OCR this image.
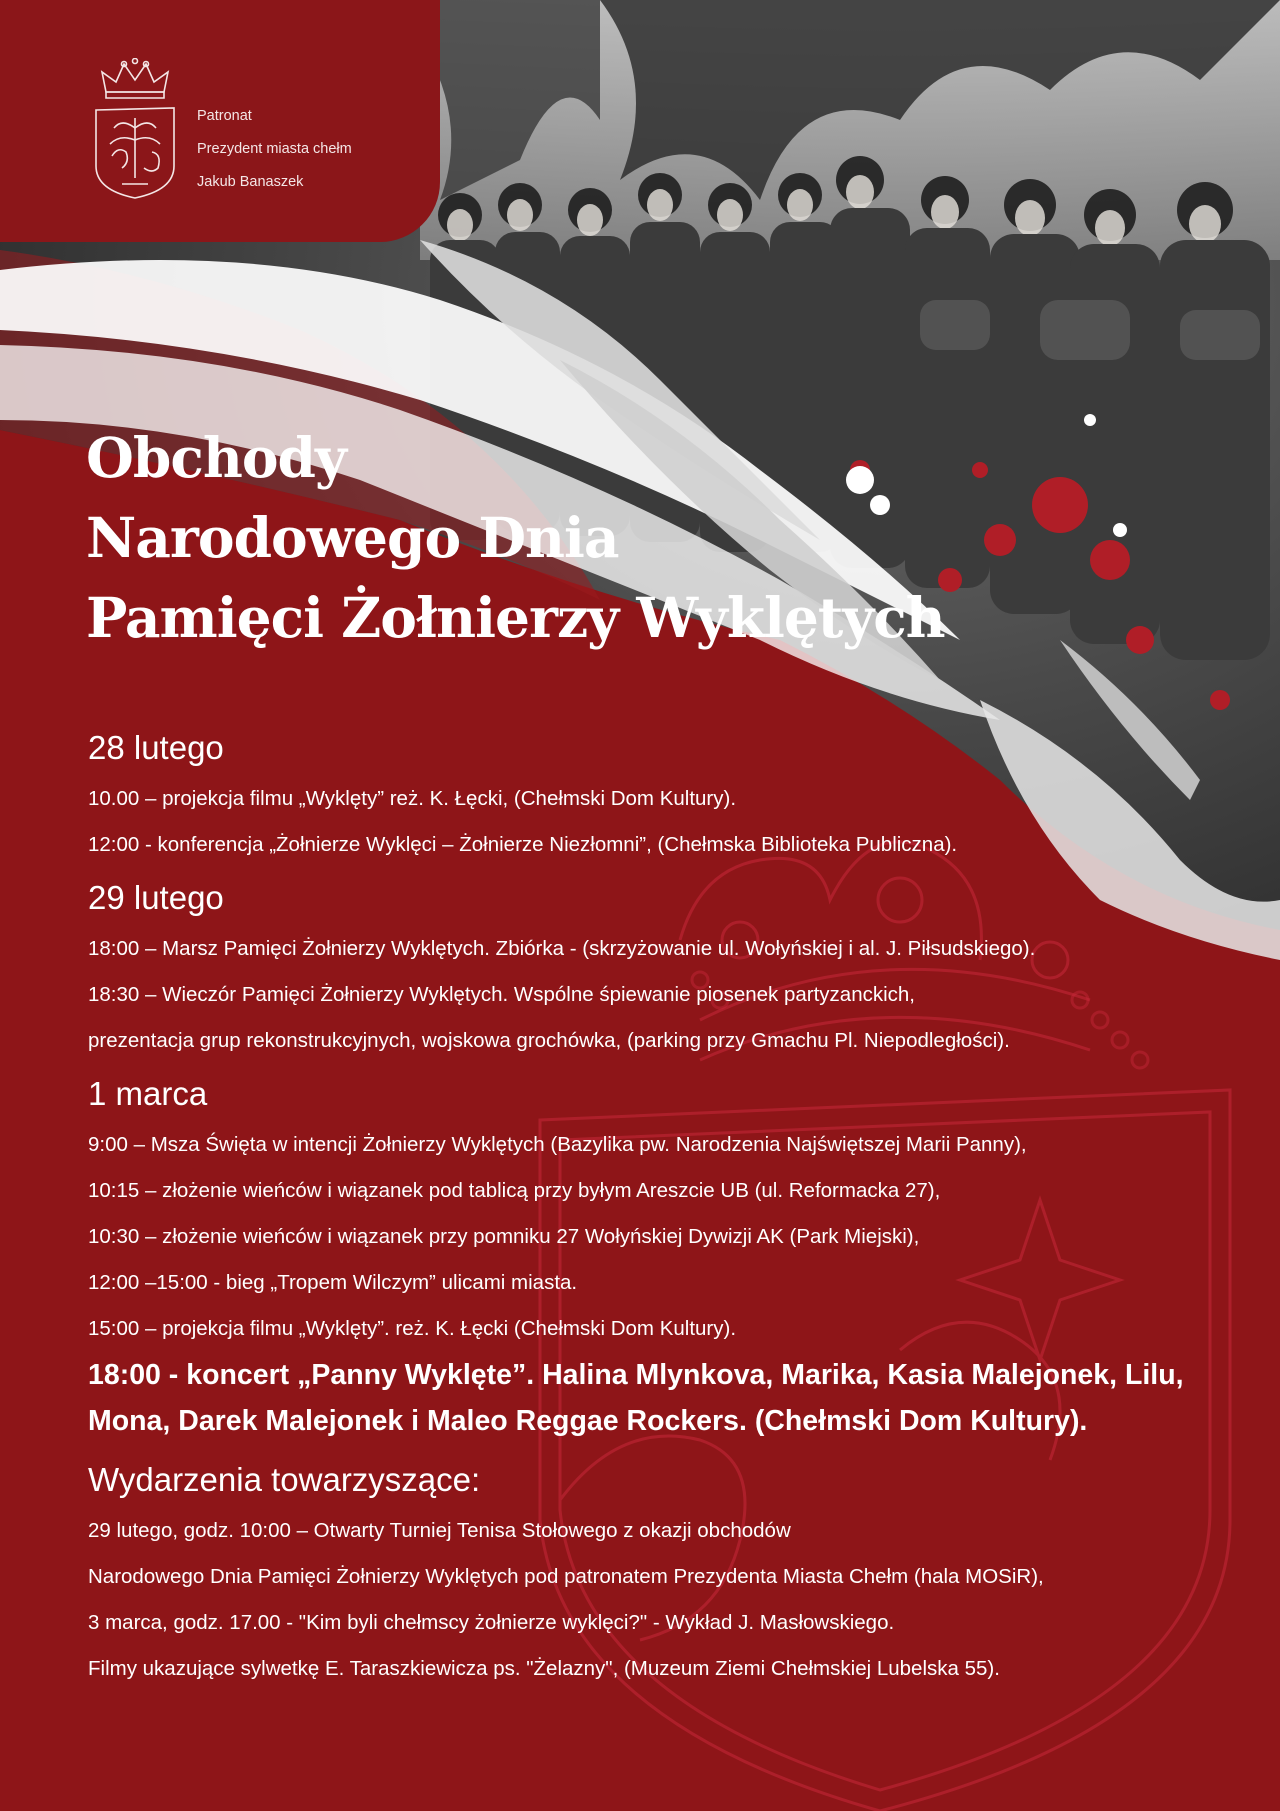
Patronat
Prezydent miasta chełm
Jakub Banaszek
Obchody
Narodowego Dnia
Pamięci Żołnierzy Wyklętych
28 lutego
10.00 – projekcja filmu „Wyklęty” reż. K. Łęcki, (Chełmski Dom Kultury).
12:00 - konferencja „Żołnierze Wyklęci – Żołnierze Niezłomni”, (Chełmska Biblioteka Publiczna).
29 lutego
18:00 – Marsz Pamięci Żołnierzy Wyklętych. Zbiórka - (skrzyżowanie ul. Wołyńskiej i al. J. Piłsudskiego).
18:30 – Wieczór Pamięci Żołnierzy Wyklętych. Wspólne śpiewanie piosenek partyzanckich,
prezentacja grup rekonstrukcyjnych, wojskowa grochówka, (parking przy Gmachu Pl. Niepodległości).
1 marca
9:00 – Msza Święta w intencji Żołnierzy Wyklętych (Bazylika pw. Narodzenia Najświętszej Marii Panny),
10:15 – złożenie wieńców i wiązanek pod tablicą przy byłym Areszcie UB (ul. Reformacka 27),
10:30 – złożenie wieńców i wiązanek przy pomniku 27 Wołyńskiej Dywizji AK (Park Miejski),
12:00 –15:00 - bieg „Tropem Wilczym” ulicami miasta.
15:00 – projekcja filmu „Wyklęty”. reż. K. Łęcki (Chełmski Dom Kultury).
18:00 - koncert „Panny Wyklęte”. Halina Mlynkova, Marika, Kasia Malejonek, Lilu,
Mona, Darek Malejonek i Maleo Reggae Rockers. (Chełmski Dom Kultury).
Wydarzenia towarzyszące:
29 lutego, godz. 10:00 – Otwarty Turniej Tenisa Stołowego z okazji obchodów
Narodowego Dnia Pamięci Żołnierzy Wyklętych pod patronatem Prezydenta Miasta Chełm (hala MOSiR),
3 marca, godz. 17.00 - "Kim byli chełmscy żołnierze wyklęci?" - Wykład J. Masłowskiego.
Filmy ukazujące sylwetkę E. Taraszkiewicza ps. "Żelazny", (Muzeum Ziemi Chełmskiej Lubelska 55).
